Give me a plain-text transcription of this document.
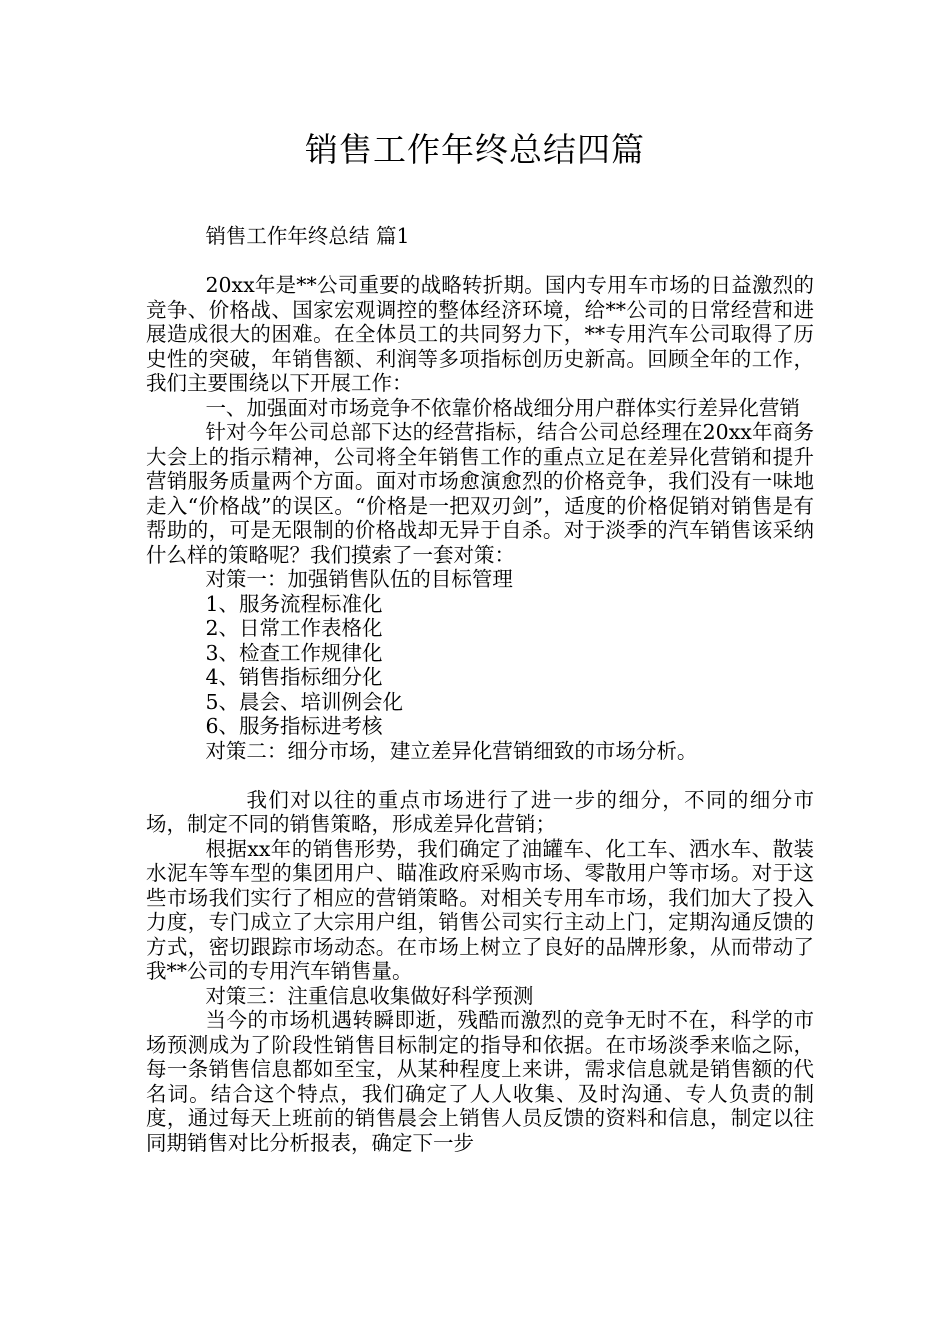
销售工作年终总结四篇

销售工作年终总结 篇1

20xx年是**公司重要的战略转折期。国内专用车市场的日益激烈的竞争、价格战、国家宏观调控的整体经济环境，给**公司的日常经营和进展造成很大的困难。在全体员工的共同努力下，**专用汽车公司取得了历史性的突破，年销售额、利润等多项指标创历史新高。回顾全年的工作，我们主要围绕以下开展工作：

一、加强面对市场竞争不依靠价格战细分用户群体实行差异化营销

针对今年公司总部下达的经营指标，结合公司总经理在20xx年商务大会上的指示精神，公司将全年销售工作的重点立足在差异化营销和提升营销服务质量两个方面。面对市场愈演愈烈的价格竞争，我们没有一味地走入“价格战”的误区。“价格是一把双刃剑”，适度的价格促销对销售是有帮助的，可是无限制的价格战却无异于自杀。对于淡季的汽车销售该采纳什么样的策略呢？我们摸索了一套对策：

对策一：加强销售队伍的目标管理

1、服务流程标准化

2、日常工作表格化

3、检查工作规律化

4、销售指标细分化

5、晨会、培训例会化

6、服务指标进考核

对策二：细分市场，建立差异化营销细致的市场分析。

我们对以往的重点市场进行了进一步的细分，不同的细分市场，制定不同的销售策略，形成差异化营销；

根据xx年的销售形势，我们确定了油罐车、化工车、洒水车、散装水泥车等车型的集团用户、瞄准政府采购市场、零散用户等市场。对于这些市场我们实行了相应的营销策略。对相关专用车市场，我们加大了投入力度，专门成立了大宗用户组，销售公司实行主动上门，定期沟通反馈的方式，密切跟踪市场动态。在市场上树立了良好的品牌形象，从而带动了我**公司的专用汽车销售量。

对策三：注重信息收集做好科学预测

当今的市场机遇转瞬即逝，残酷而激烈的竞争无时不在，科学的市场预测成为了阶段性销售目标制定的指导和依据。在市场淡季来临之际，每一条销售信息都如至宝，从某种程度上来讲，需求信息就是销售额的代名词。结合这个特点，我们确定了人人收集、及时沟通、专人负责的制度，通过每天上班前的销售晨会上销售人员反馈的资料和信息，制定以往同期销售对比分析报表，确定下一步
